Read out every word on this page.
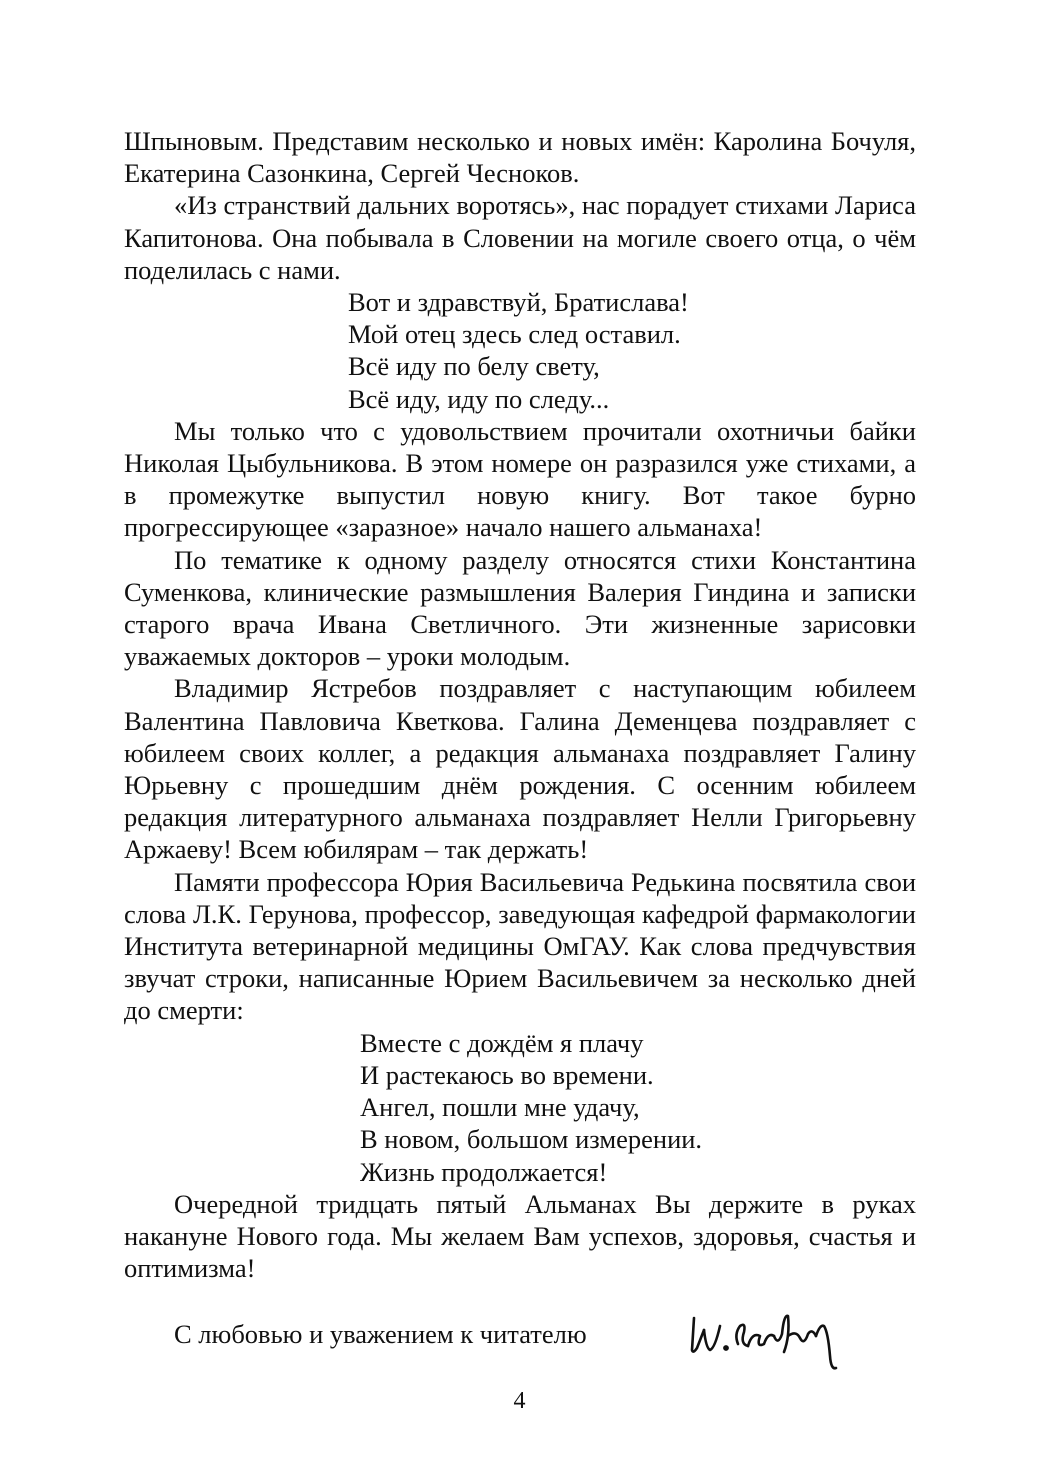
Шпыновым. Представим несколько и новых имён: Каролина Бочуля, Екатерина Сазонкина, Сергей Чесноков.

«Из странствий дальних воротясь», нас порадует стихами Лариса Капитонова. Она побывала в Словении на могиле своего отца, о чём поделилась с нами.

Вот и здравствуй, Братислава!
Мой отец здесь след оставил.
Всё иду по белу свету,
Всё иду, иду по следу...

Мы только что с удовольствием прочитали охотничьи байки Николая Цыбульникова. В этом номере он разразился уже стихами, а в промежутке выпустил новую книгу. Вот такое бурно прогрессирующее «заразное» начало нашего альманаха!

По тематике к одному разделу относятся стихи Константина Суменкова, клинические размышления Валерия Гиндина и записки старого врача Ивана Светличного. Эти жизненные зарисовки уважаемых докторов – уроки молодым.

Владимир Ястребов поздравляет с наступающим юбилеем Валентина Павловича Кветкова. Галина Деменцева поздравляет с юбилеем своих коллег, а редакция альманаха поздравляет Галину Юрьевну с прошедшим днём рождения. С осенним юбилеем редакция литературного альманаха поздравляет Нелли Григорьевну Аржаеву! Всем юбилярам – так держать!

Памяти профессора Юрия Васильевича Редькина посвятила свои слова Л.К. Герунова, профессор, заведующая кафедрой фармакологии Института ветеринарной медицины ОмГАУ. Как слова предчувствия звучат строки, написанные Юрием Васильевичем за несколько дней до смерти:

Вместе с дождём я плачу
И растекаюсь во времени.
Ангел, пошли мне удачу,
В новом, большом измерении.
Жизнь продолжается!

Очередной тридцать пятый Альманах Вы держите в руках накануне Нового года. Мы желаем Вам успехов, здоровья, счастья и оптимизма!

С любовью и уважением к читателю
4
